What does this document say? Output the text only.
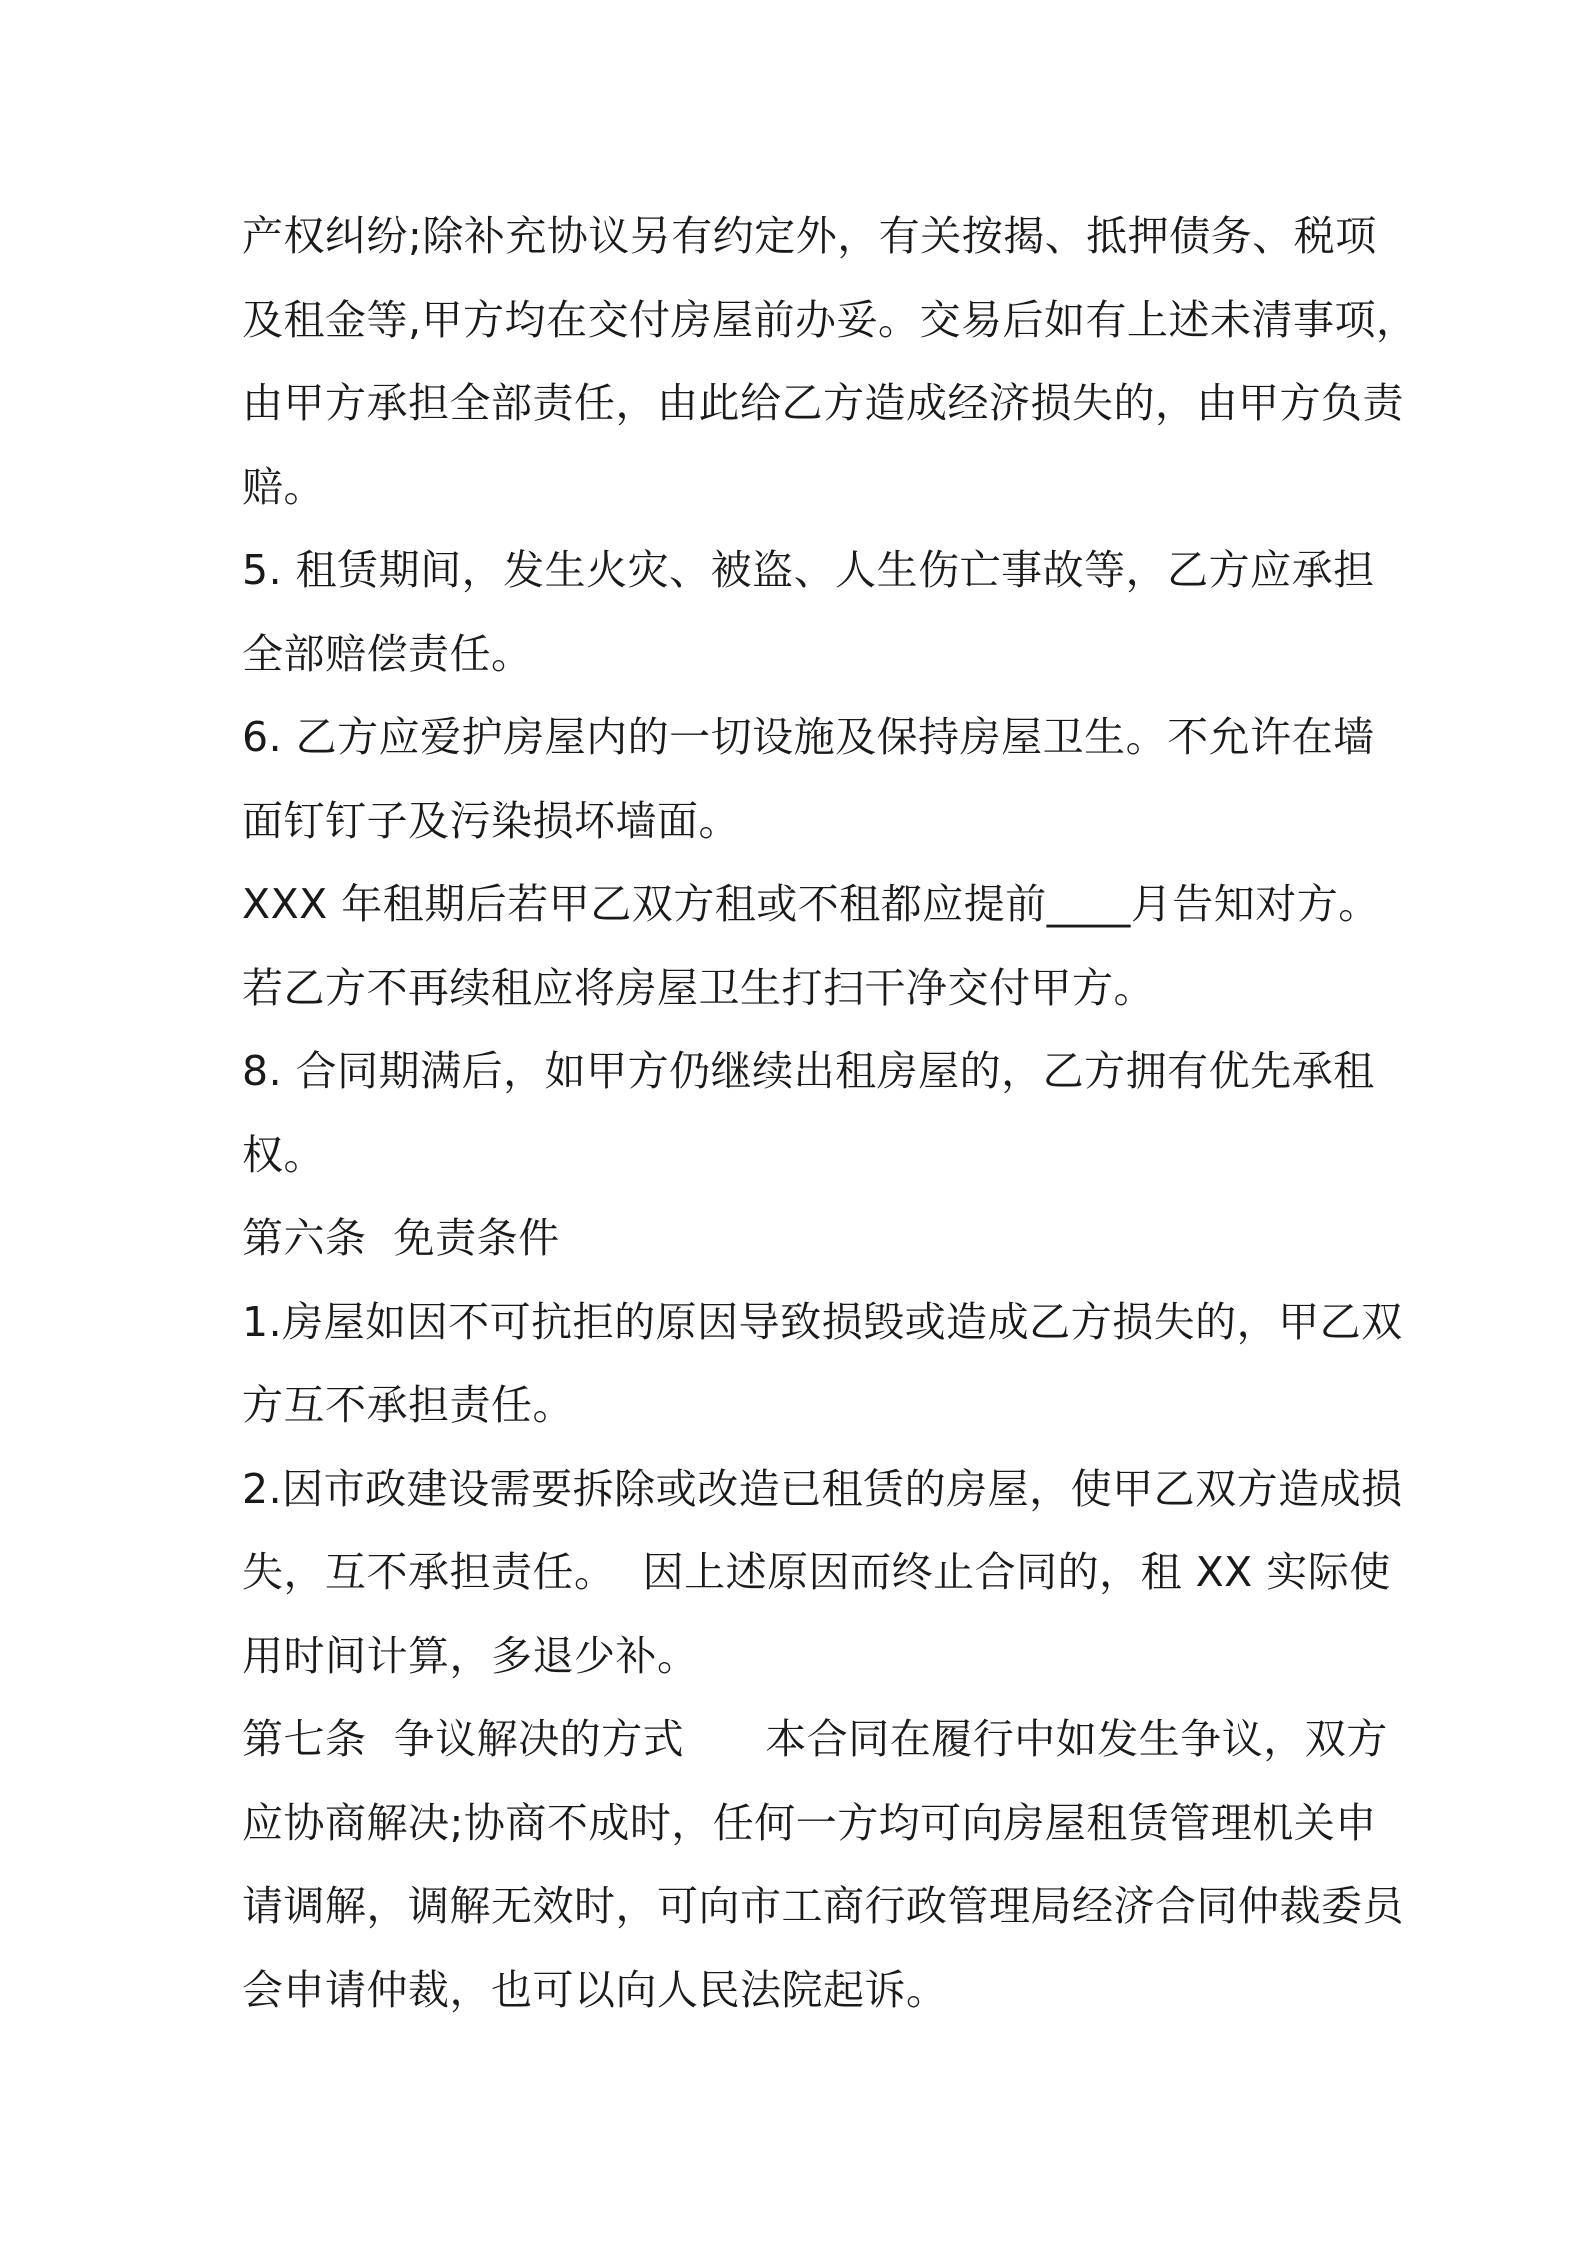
产权纠纷;除补充协议另有约定外，有关按揭、抵押债务、税项
及租金等,甲方均在交付房屋前办妥。交易后如有上述未清事项，
由甲方承担全部责任，由此给乙方造成经济损失的，由甲方负责
赔。
5. 租赁期间，发生火灾、被盗、人生伤亡事故等，乙方应承担
全部赔偿责任。
6. 乙方应爱护房屋内的一切设施及保持房屋卫生。不允许在墙
面钉钉子及污染损坏墙面。
XXX 年租期后若甲乙双方租或不租都应提前____月告知对方。
若乙方不再续租应将房屋卫生打扫干净交付甲方。
8. 合同期满后，如甲方仍继续出租房屋的，乙方拥有优先承租
权。
第六条  免责条件
1.房屋如因不可抗拒的原因导致损毁或造成乙方损失的，甲乙双
方互不承担责任。
2.因市政建设需要拆除或改造已租赁的房屋，使甲乙双方造成损
失，互不承担责任。  因上述原因而终止合同的，租 XX 实际使
用时间计算，多退少补。
第七条  争议解决的方式      本合同在履行中如发生争议，双方
应协商解决;协商不成时，任何一方均可向房屋租赁管理机关申
请调解，调解无效时，可向市工商行政管理局经济合同仲裁委员
会申请仲裁，也可以向人民法院起诉。
